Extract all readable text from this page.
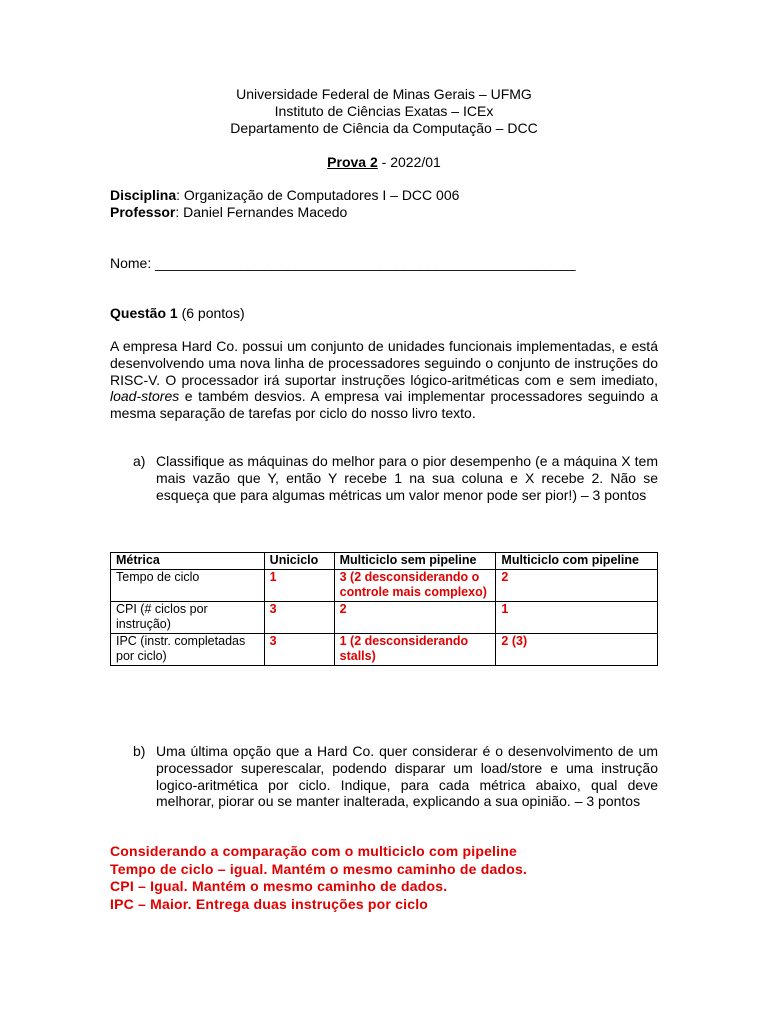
Universidade Federal de Minas Gerais – UFMG
Instituto de Ciências Exatas – ICEx
Departamento de Ciência da Computação – DCC
Prova 2 - 2022/01
Disciplina: Organização de Computadores I – DCC 006
Professor: Daniel Fernandes Macedo
Nome: ______________________________________________________
Questão 1 (6 pontos)
A empresa Hard Co. possui um conjunto de unidades funcionais implementadas, e está desenvolvendo uma nova linha de processadores seguindo o conjunto de instruções do RISC-V. O processador irá suportar instruções lógico-aritméticas com e sem imediato, load-stores e também desvios. A empresa vai implementar processadores seguindo a mesma separação de tarefas por ciclo do nosso livro texto.
a) Classifique as máquinas do melhor para o pior desempenho (e a máquina X tem mais vazão que Y, então Y recebe 1 na sua coluna e X recebe 2. Não se esqueça que para algumas métricas um valor menor pode ser pior!) – 3 pontos
Métrica	Uniciclo	Multiciclo sem pipeline	Multiciclo com pipeline
Tempo de ciclo	1	3 (2 desconsiderando o controle mais complexo)	2
CPI (# ciclos por instrução)	3	2	1
IPC (instr. completadas por ciclo)	3	1 (2 desconsiderando stalls)	2 (3)
b) Uma última opção que a Hard Co. quer considerar é o desenvolvimento de um processador superescalar, podendo disparar um load/store e uma instrução logico-aritmética por ciclo. Indique, para cada métrica abaixo, qual deve melhorar, piorar ou se manter inalterada, explicando a sua opinião. – 3 pontos
Considerando a comparação com o multiciclo com pipeline
Tempo de ciclo – igual. Mantém o mesmo caminho de dados.
CPI – Igual. Mantém o mesmo caminho de dados.
IPC – Maior. Entrega duas instruções por ciclo
